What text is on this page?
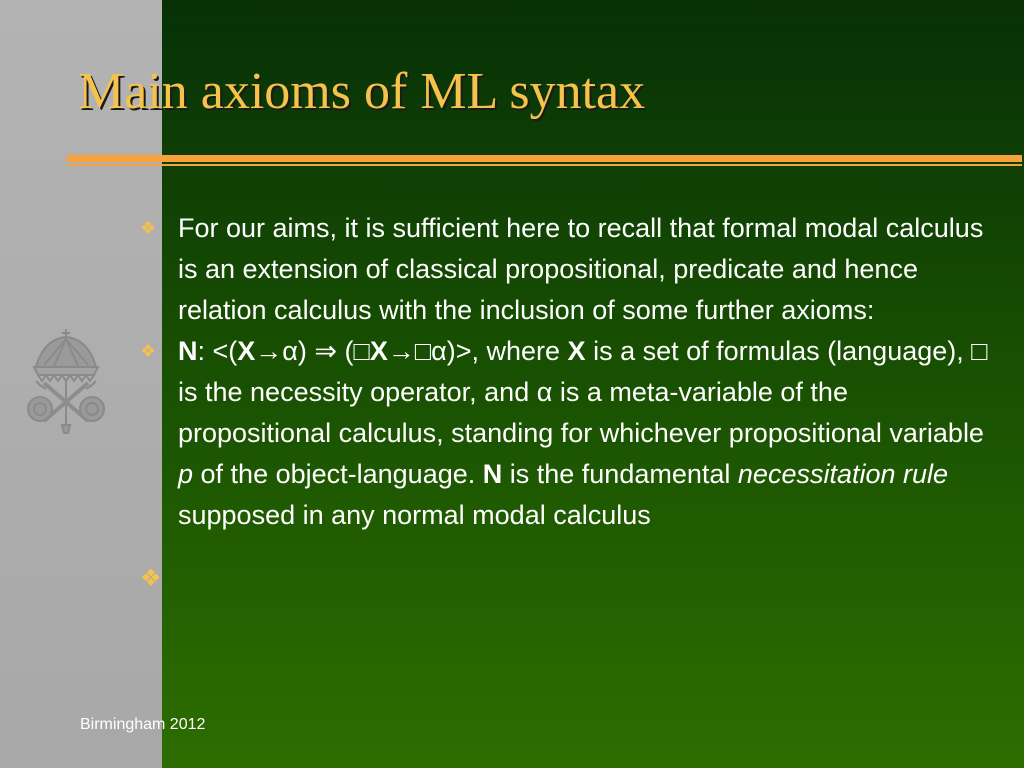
Main axioms of ML syntax

❖ For our aims, it is sufficient here to recall that formal modal calculus is an extension of classical propositional, predicate and hence relation calculus with the inclusion of some further axioms:

❖ N: <(X→α) ⇒ (□X→□α)>, where X is a set of formulas (language), □ is the necessity operator, and α is a meta-variable of the propositional calculus, standing for whichever propositional variable p of the object-language. N is the fundamental necessitation rule supposed in any normal modal calculus

❖

Birmingham 2012
